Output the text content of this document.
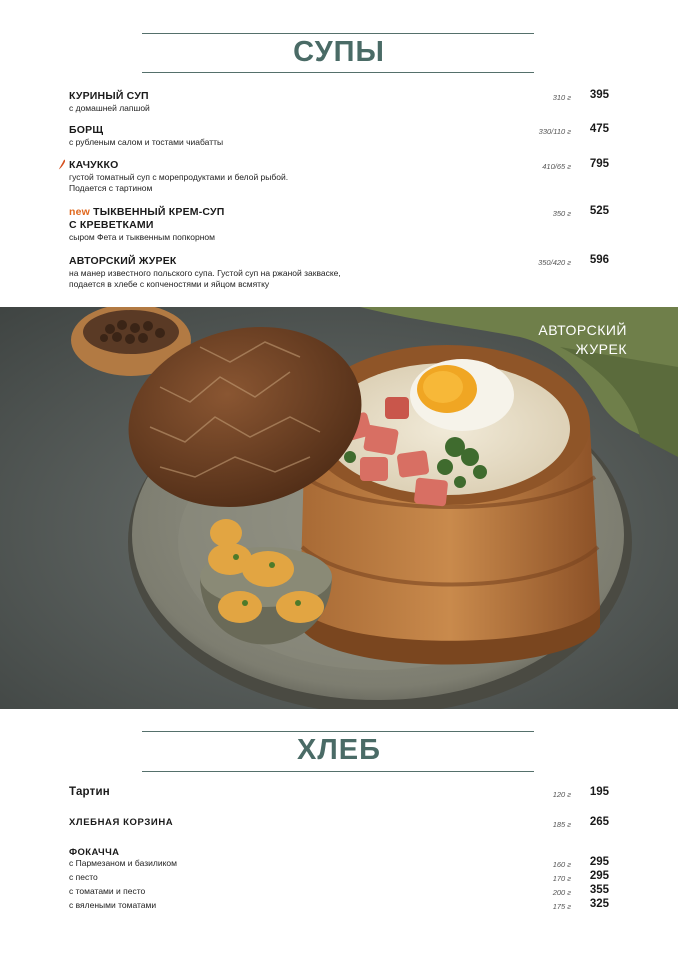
СУПЫ
КУРИНЫЙ СУП
с домашней лапшой
310 г 395
БОРЩ
с рубленым салом и тостами чиабатты
330/110 г 475
КАЧУККО
густой томатный суп с морепродуктами и белой рыбой.
Подается с тартином
410/65 г 795
new ТЫКВЕННЫЙ КРЕМ-СУП
С КРЕВЕТКАМИ
сыром Фета и тыквенным попкорном
350 г 525
АВТОРСКИЙ ЖУРЕК
на манер известного польского супа. Густой суп на ржаной закваске,
подается в хлебе с копченостями и яйцом всмятку
350/420 г 596
АВТОРСКИЙ
ЖУРЕК
ХЛЕБ
Тартин	120 г 195
ХЛЕБНАЯ КОРЗИНА	185 г 265
ФОКАЧЧА
с Пармезаном и базиликом	160 г 295
с песто	170 г 295
с томатами и песто	200 г 355
с вялеными томатами	175 г 325
